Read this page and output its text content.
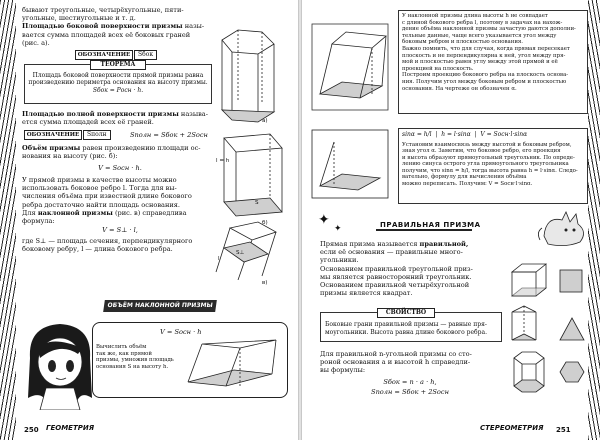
бывают треугольные, четырёхугольные, пяти-
угольные, шестиугольные и т. д.
Площадью боковой поверхности призмы назы-
вается сумма площадей всех её боковых граней
(рис. а).
ОБОЗНАЧЕНИЕ	Sбок
ТЕОРЕМА
Площадь боковой поверхности прямой призмы равна
произведению периметра основания на высоту призмы.
Sбок = Pосн · h.
Площадью полной поверхности призмы называ-
ется сумма площадей всех её граней.
ОБОЗНАЧЕНИЕ	Sполн	Sполн = Sбок + 2Sосн
Объём призмы равен произведению площади ос-
нования на высоту (рис. б):
V = Sосн · h.
У прямой призмы в качестве высоты можно
использовать боковое ребро l. Тогда для вы-
числения объёма при известной длине бокового
ребра достаточно найти площадь основания.
Для наклонной призмы (рис. в) справедлива
формула:
V = S⊥ · l,
где S⊥ — площадь сечения, перпендикулярного
боковому ребру, l — длина бокового ребра.
а)
l = h
S
б)
S⊥
l
в)
ОБЪЁМ НАКЛОННОЙ ПРИЗМЫ
V = Sосн · h
Вычислить объём
так же, как прямой
призмы, умножив площадь
основания S на высоту h.
250 ГЕОМЕТРИЯ
У наклонной призмы длина высоты h не совпадает
с длиной бокового ребра l, поэтому в задачах на нахож-
дение объёма наклонной призмы зачастую даются дополни-
тельные данные, чаще всего указывается угол между
боковым ребром и плоскостью основания.
Важно помнить, что для случая, когда прямая пересекает
плоскость и не перпендикулярна к ней, угол между пря-
мой и плоскостью равен углу между этой прямой и её
проекцией на плоскость.
Построим проекцию бокового ребра на плоскость основа-
ния. Получим угол между боковым ребром и плоскостью
основания. На чертеже он обозначен α.
sinα = h/l  |  h = l·sinα  |  V = Sосн·l·sinα
Установим взаимосвязь между высотой и боковым ребром,
зная угол α. Заметим, что боковое ребро, его проекция
и высота образуют прямоугольный треугольник. По опреде-
лению синуса острого угла прямоугольного треугольника
получим, что sinα = h/l, тогда высота равна h = l·sinα. Следо-
вательно, формулу для вычисления объёма
можно переписать. Получим: V = Sосн·l·sinα.
✦
✦	ПРАВИЛЬНАЯ ПРИЗМА
Прямая призма называется правильной,
если её основания — правильные много-
угольники.
Основанием правильной треугольной приз-
мы является равносторонний треугольник.
Основанием правильной четырёхугольной
призмы является квадрат.
СВОЙСТВО
Боковые грани правильной призмы — равные пря-
моугольники. Высота равна длине бокового ребра.
Для правильной n-угольной призмы со сто-
роной основания a и высотой h справедли-
вы формулы:
Sбок = n · a · h,
Sполн = Sбок + 2Sосн
СТЕРЕОМЕТРИЯ 251
